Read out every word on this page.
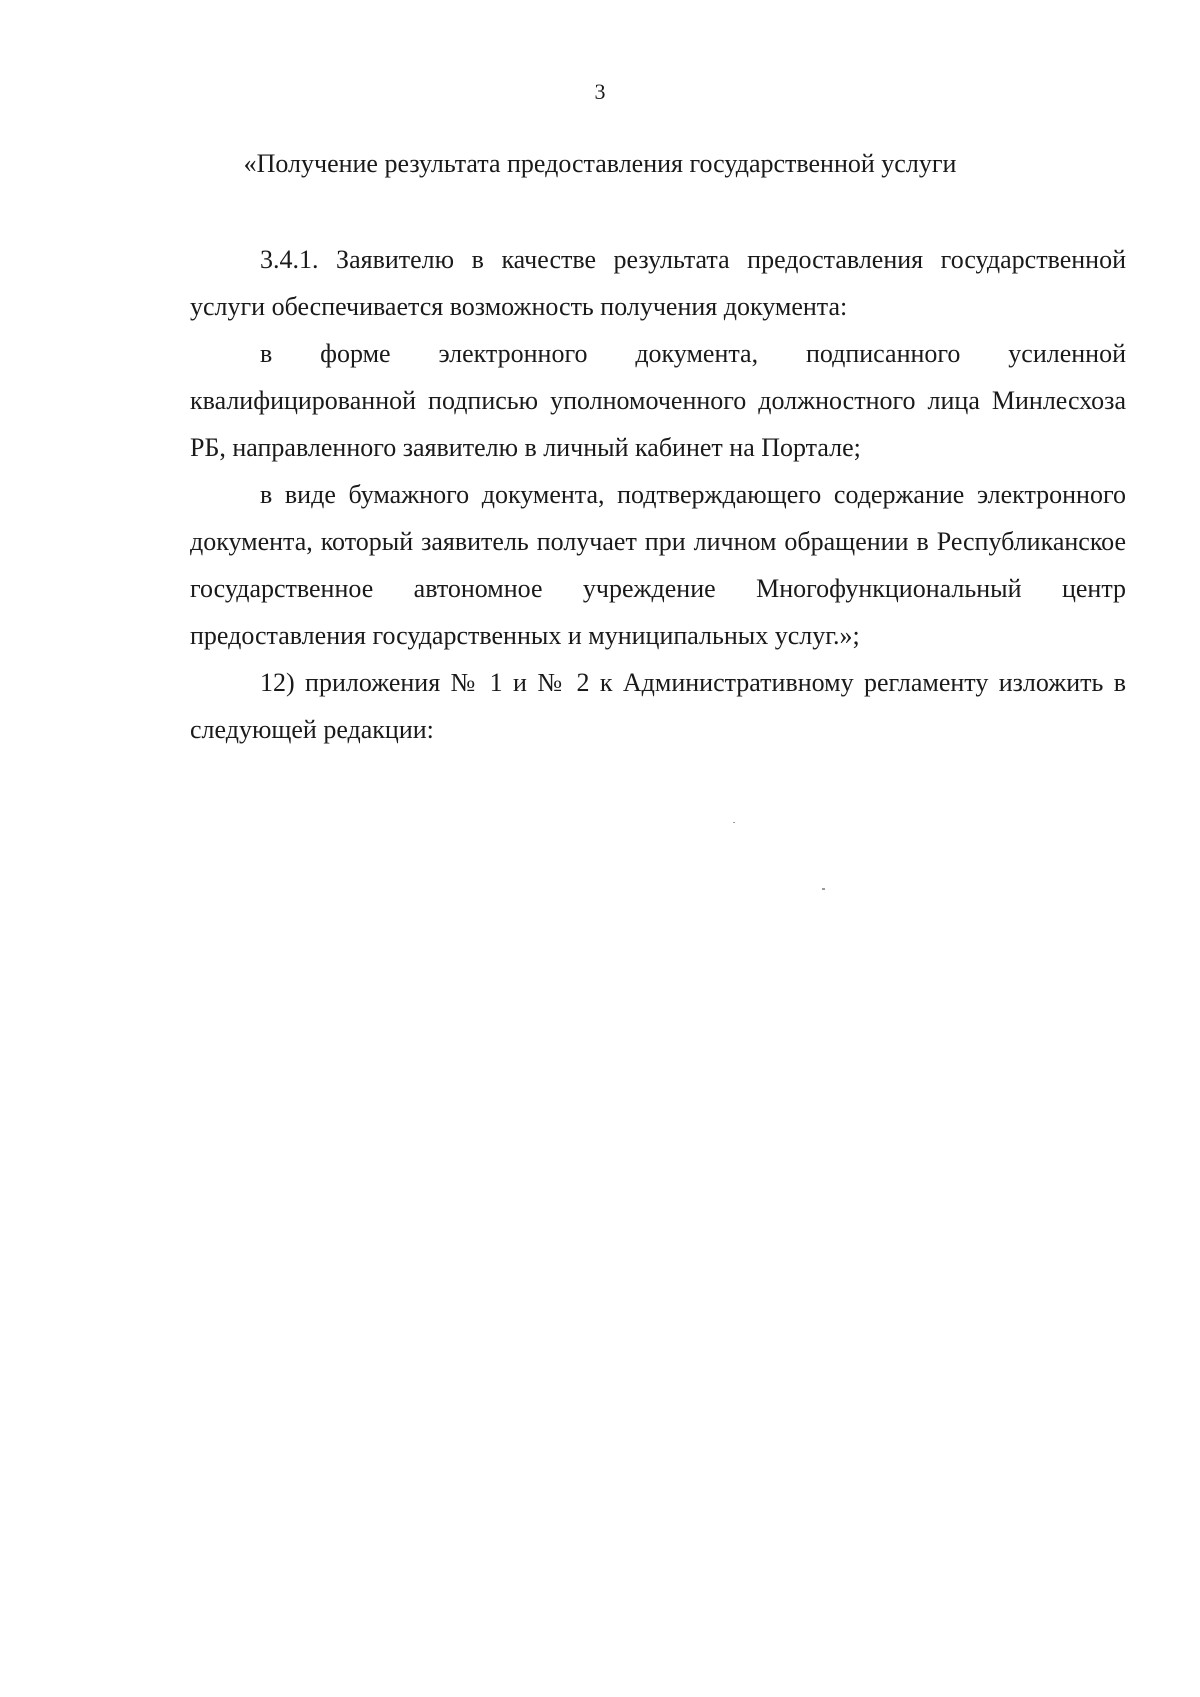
3
«Получение результата предоставления государственной услуги

3.4.1. Заявителю в качестве результата предоставления государственной услуги обеспечивается возможность получения документа:

в форме электронного документа, подписанного усиленной квалифицированной подписью уполномоченного должностного лица Минлесхоза РБ, направленного заявителю в личный кабинет на Портале;

в виде бумажного документа, подтверждающего содержание электронного документа, который заявитель получает при личном обращении в Республиканское государственное автономное учреждение Многофункциональный центр предоставления государственных и муниципальных услуг.»;

12) приложения № 1 и № 2 к Административному регламенту изложить в следующей редакции:
